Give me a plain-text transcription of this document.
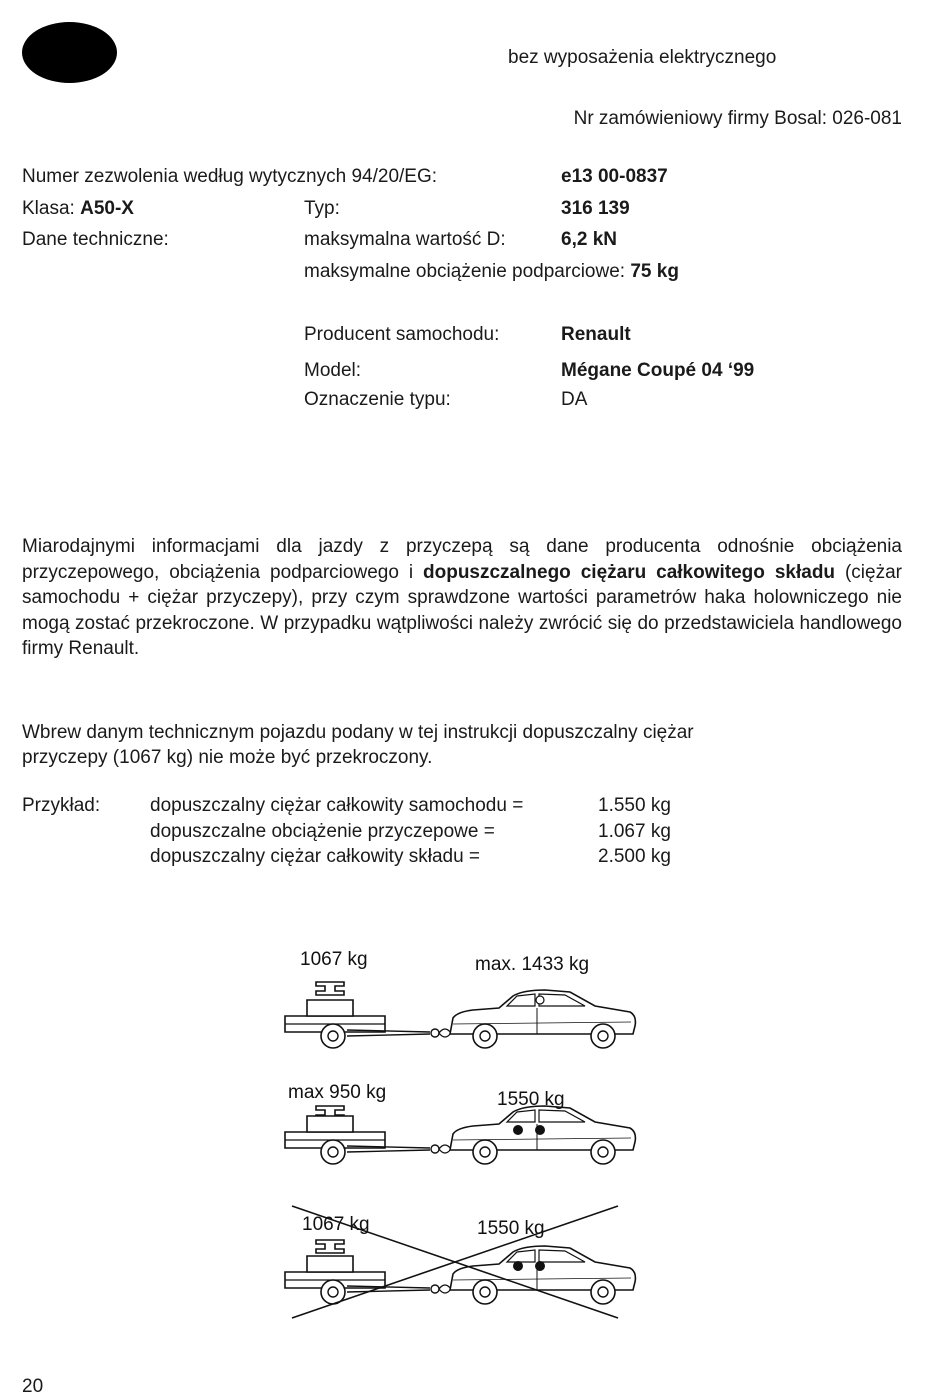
bez wyposażenia elektrycznego
Nr zamówieniowy firmy Bosal: 026-081
Numer zezwolenia według wytycznych 94/20/EG:	e13 00-0837
Klasa: A50-X	Typ:	316 139
Dane techniczne:	maksymalna wartość D:	6,2 kN
maksymalne obciążenie podparciowe: 75 kg
Producent samochodu:	Renault
Model:	Mégane Coupé 04 ‘99
Oznaczenie typu:	DA
Miarodajnymi informacjami dla jazdy z przyczepą są dane producenta odnośnie obciążenia przyczepowego, obciążenia podparciowego i dopuszczalnego ciężaru całkowitego składu (ciężar samochodu + ciężar przyczepy), przy czym sprawdzone wartości parametrów haka holowniczego nie mogą zostać przekroczone. W przypadku wątpliwości należy zwrócić się do przedstawiciela handlowego firmy Renault.
Wbrew danym technicznym pojazdu podany w tej instrukcji dopuszczalny ciężar
przyczepy (1067 kg) nie może być przekroczony.
Przykład:	dopuszczalny ciężar całkowity samochodu =	1.550 kg
dopuszczalne obciążenie przyczepowe =	1.067 kg
dopuszczalny ciężar całkowity składu =	2.500 kg
1067 kg	max. 1433 kg
max 950 kg	1550 kg
1067 kg	1550 kg
20
